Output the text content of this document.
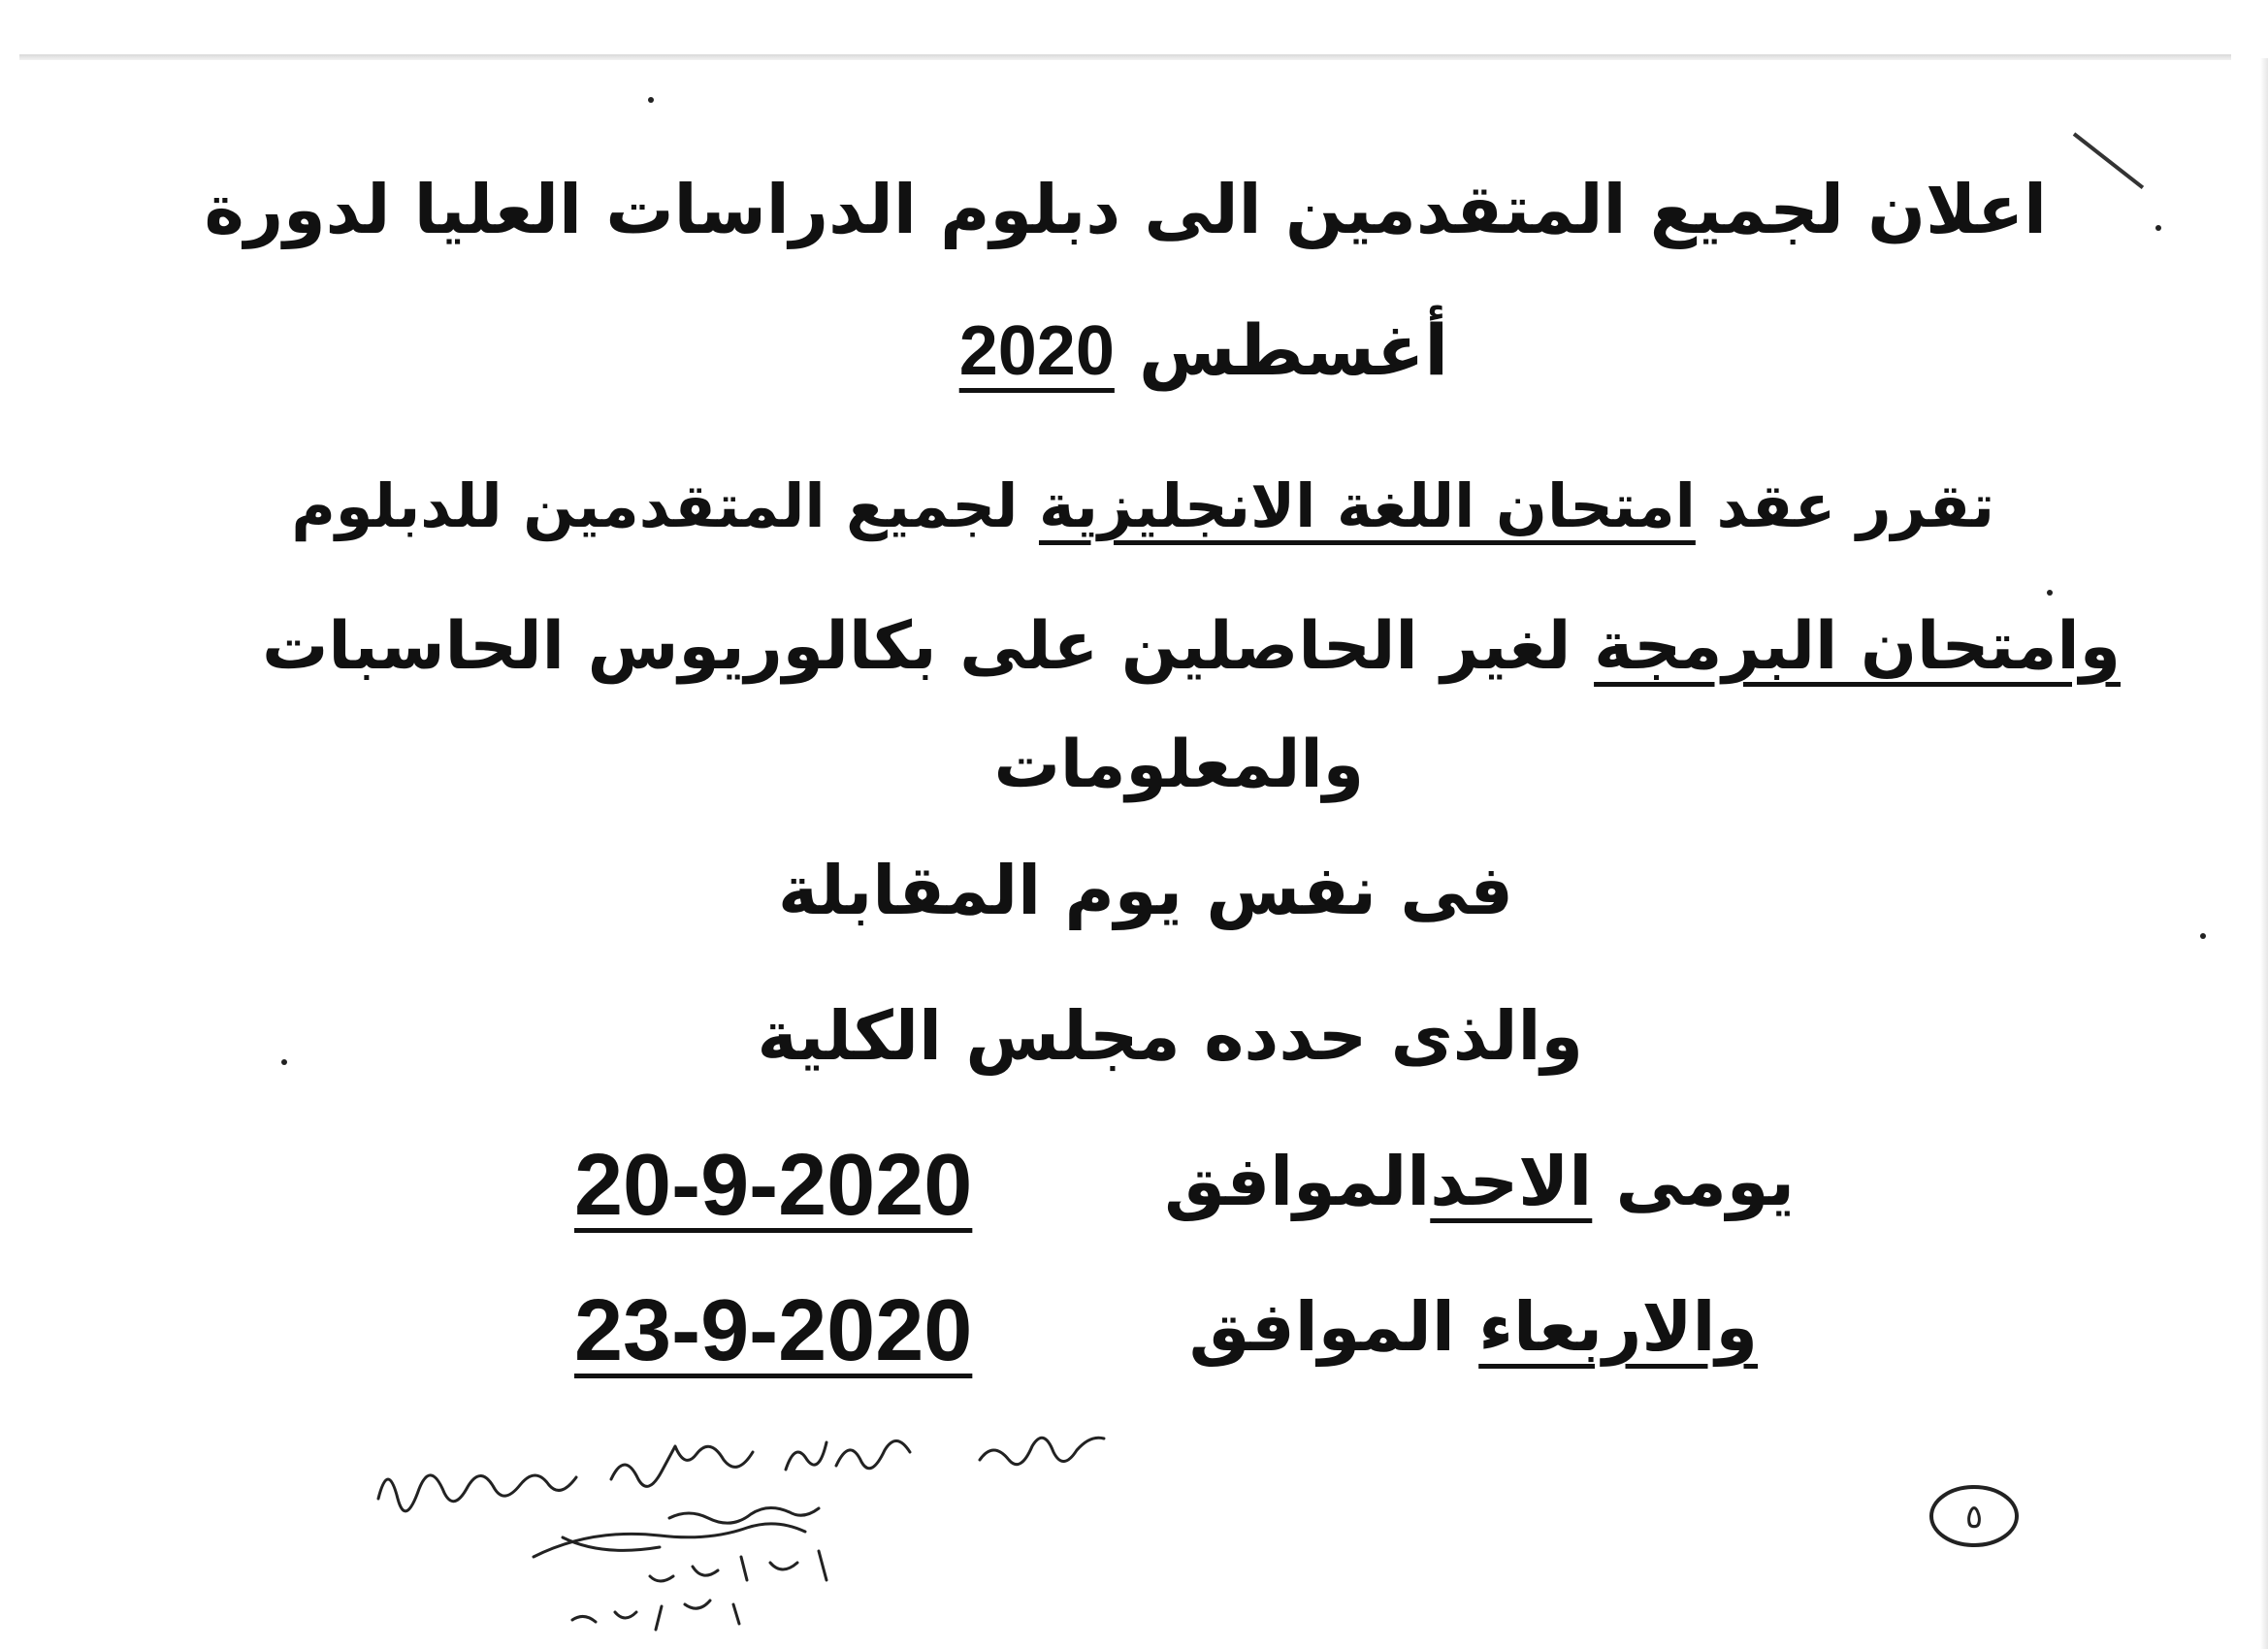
اعلان لجميع المتقدمين الى دبلوم الدراسات العليا لدورة
أغسطس 2020
تقرر عقد امتحان اللغة الانجليزية لجميع المتقدمين للدبلوم
وامتحان البرمجة لغير الحاصلين على بكالوريوس الحاسبات
والمعلومات
فى نفس يوم المقابلة
والذى حدده مجلس الكلية
يومى الاحدالموافق
20-9-2020
والاربعاء الموافق
23-9-2020
٥
